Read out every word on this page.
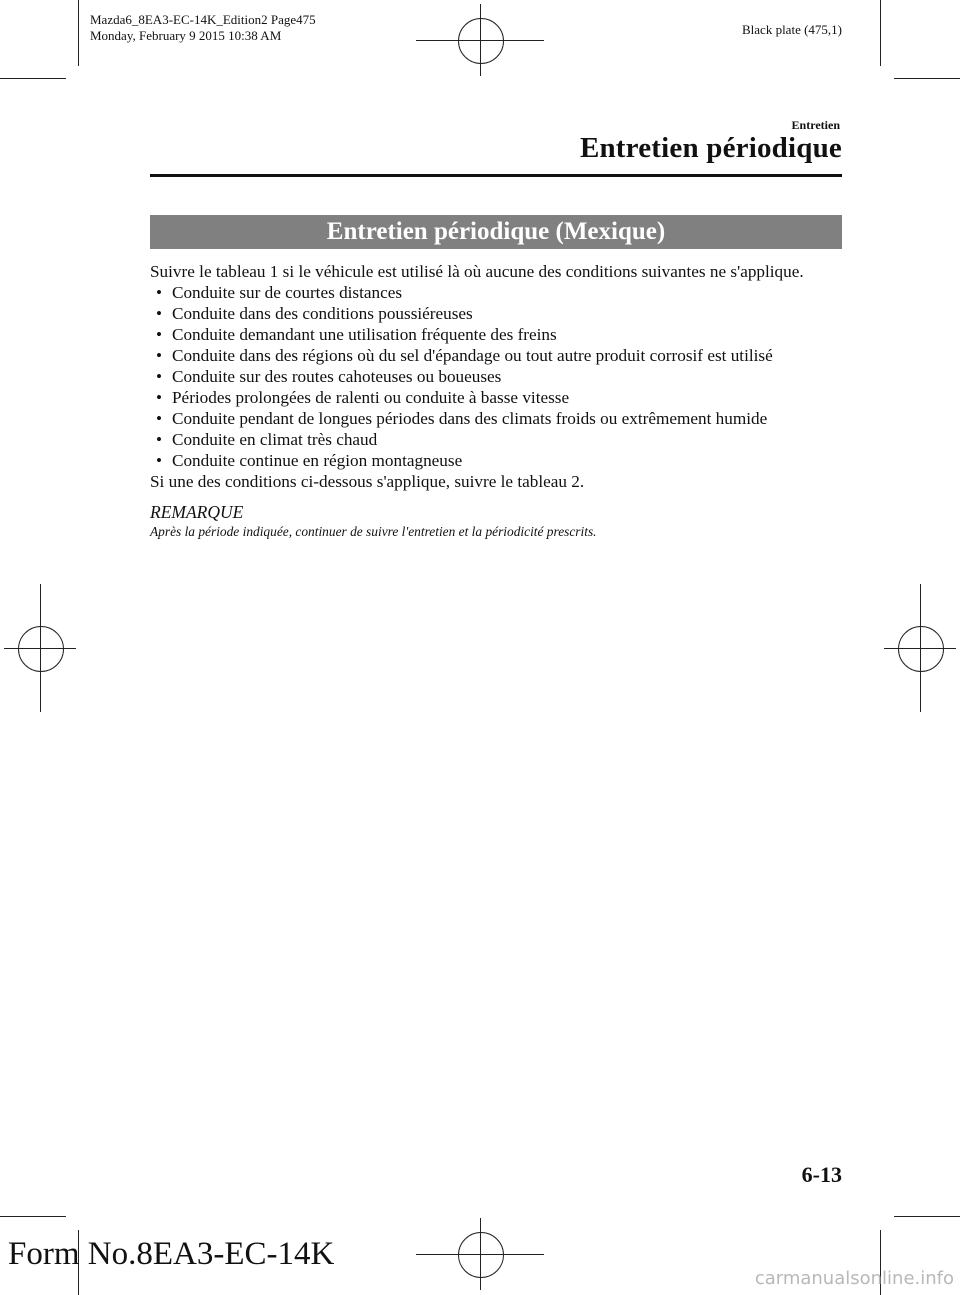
Mazda6_8EA3-EC-14K_Edition2 Page475
Monday, February 9 2015 10:38 AM	Black plate (475,1)
Entretien
Entretien périodique
Entretien périodique (Mexique)

Suivre le tableau 1 si le véhicule est utilisé là où aucune des conditions suivantes ne s'applique.

• Conduite sur de courtes distances
• Conduite dans des conditions poussiéreuses
• Conduite demandant une utilisation fréquente des freins
• Conduite dans des régions où du sel d'épandage ou tout autre produit corrosif est utilisé
• Conduite sur des routes cahoteuses ou boueuses
• Périodes prolongées de ralenti ou conduite à basse vitesse
• Conduite pendant de longues périodes dans des climats froids ou extrêmement humide
• Conduite en climat très chaud
• Conduite continue en région montagneuse

Si une des conditions ci-dessous s'applique, suivre le tableau 2.

REMARQUE

Après la période indiquée, continuer de suivre l'entretien et la périodicité prescrits.

6-13
Form No.8EA3-EC-14K
carmanualsonline.info
